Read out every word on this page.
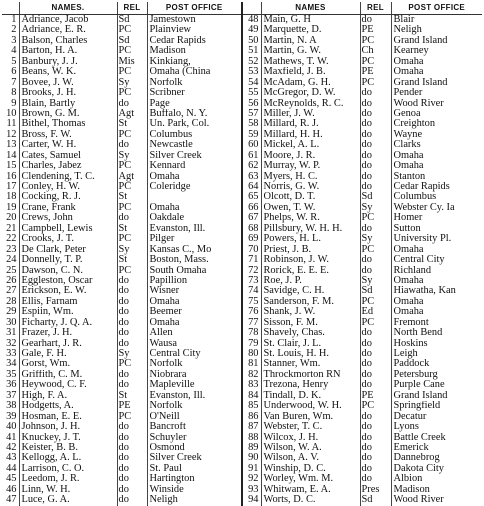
	NAMES.	REL	POST OFFICE		NAMES	REL	POST OFFICE
1	Adriance, Jacob	Sd	Jamestown	48	Main, G. H	do	Blair
2	Adriance, E. R.	PC	Plainview	49	Marquette, D.	PE	Neligh
3	Balson, Charles	Sd	Cedar Rapids	50	Martin, N. A	PC	Grand Island
4	Barton, H. A.	PC	Madison	51	Martin, G. W.	Ch	Kearney
5	Banbury, J. J.	Mis	Kinkiang,	52	Mathews, T. W.	PC	Omaha
6	Beans, W. K.	PC	Omaha (China	53	Maxfield, J. B.	PE	Omaha
7	Bovee, J. W.	Sy	Norfolk	54	McAdam, G. H.	PC	Grand Island
8	Brooks, J. H.	PC	Scribner	55	McGregor, D. W.	do	Pender
9	Blain, Bartly	do	Page	56	McReynolds, R. C.	do	Wood River
10	Brown, G. M.	Agt	Buffalo, N. Y.	57	Miller, J. W.	do	Genoa
11	Bithel, Thomas	St	Un. Park, Col.	58	Millard, R. J.	do	Creighton
12	Bross, F. W.	PC	Columbus	59	Millard, H. H.	do	Wayne
13	Carter, W. H.	do	Newcastle	60	Mickel, A. L.	do	Clarks
14	Cates, Samuel	Sy	Silver Creek	61	Moore, J. R.	do	Omaha
15	Charles, Jabez	PC	Kennard	62	Murray, W. P.	do	Omaha
16	Clendening, T. C.	Agt	Omaha	63	Myers, H. C.	do	Stanton
17	Conley, H. W.	PC	Coleridge	64	Norris, G. W.	do	Cedar Rapids
18	Cocking, R. J.	St		65	Olcott, D. T.	Sd	Columbus
19	Crane, Frank	PC	Omaha	66	Owen, T. W.	Sy	Webster Cy. Ia
20	Crews, John	do	Oakdale	67	Phelps, W. R.	PC	Homer
21	Campbell, Lewis	St	Evanston, Ill.	68	Pillsbury, W. H. H.	do	Sutton
22	Crooks, J. T.	PC	Pilger	69	Powers, H. L.	Sy	University Pl.
23	De Clark, Peter	Sy	Kansas C., Mo	70	Priest, J. B.	PC	Omaha
24	Donnelly, T. P.	St	Boston, Mass.	71	Robinson, J. W.	do	Central City
25	Dawson, C. N.	PC	South Omaha	72	Rorick, E. E. E.	do	Richland
26	Eggleston, Oscar	do	Papillion	73	Roe, J. P.	Sy	Omaha
27	Erickson, E. W.	do	Wisner	74	Savidge, C. H.	Sd	Hiawatha, Kan
28	Ellis, Farnam	do	Omaha	75	Sanderson, F. M.	PC	Omaha
29	Espiin, Wm.	do	Beemer	76	Shank, J. W.	Ed	Omaha
30	Ficharty, J. Q. A.	do	Omaha	77	Sisson, F. M.	PC	Fremont
31	Frazer, J. H.	do	Allen	78	Shavely, Chas.	do	North Bend
32	Gearhart, J. R.	do	Wausa	79	St. Clair, J. L.	do	Hoskins
33	Gale, F. H.	Sy	Central City	80	St. Louis, H. H.	do	Leigh
34	Gorst, Wm.	PC	Norfolk	81	Stanner, Wm.	do	Paddock
35	Griffith, C. M.	do	Niobrara	82	Throckmorton RN	do	Petersburg
36	Heywood, C. F.	do	Mapleville	83	Trezona, Henry	do	Purple Cane
37	High, F. A.	St	Evanston, Ill.	84	Tindall, D. K.	PE	Grand Island
38	Hodgetts, A.	PE	Norfolk	85	Underwood, W. H.	PC	Springfield
39	Hosman, E. E.	PC	O'Neill	86	Van Buren, Wm.	do	Decatur
40	Johnson, J. H.	do	Bancroft	87	Webster, T. C.	do	Lyons
41	Knuckey, J. T.	do	Schuyler	88	Wilcox, J. H.	do	Battle Creek
42	Keister, B. B.	do	Osmond	89	Wilson, W. A.	do	Emerick
43	Kellogg, A. L.	do	Silver Creek	90	Wilson, A. V.	do	Dannebrog
44	Larrison, C. O.	do	St. Paul	91	Winship, D. C.	do	Dakota City
45	Leedom, J. R.	do	Hartington	92	Worley, Wm. M.	do	Albion
46	Linn, W. H.	do	Winside	93	Whitwam, E. A.	Pres	Madison
47	Luce, G. A.	do	Neligh	94	Worts, D. C.	Sd	Wood River
